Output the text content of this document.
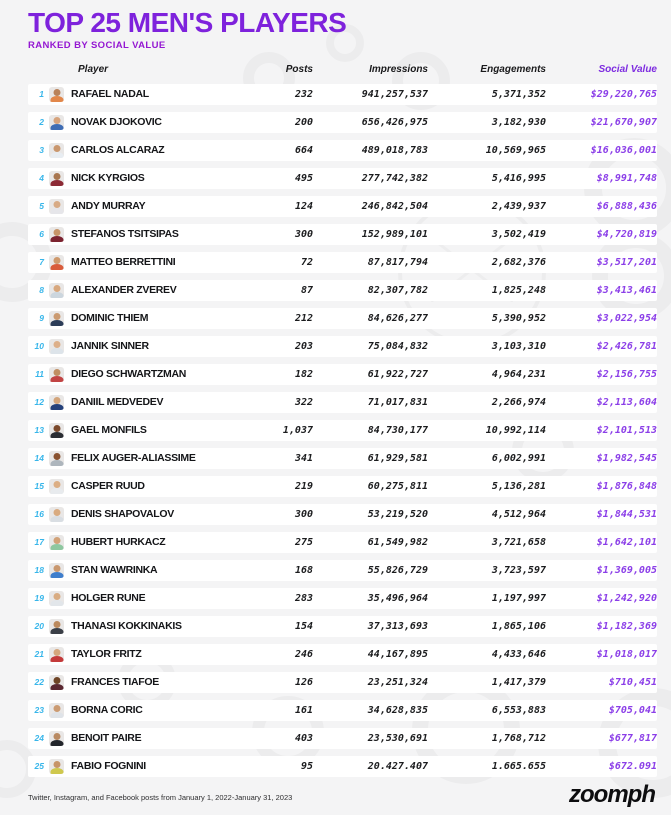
TOP 25 MEN'S PLAYERS
RANKED BY SOCIAL VALUE
Player	Posts	Impressions	Engagements	Social Value
1	RAFAEL NADAL	232	941,257,537	5,371,352	$29,220,765
2	NOVAK DJOKOVIC	200	656,426,975	3,182,930	$21,670,907
3	CARLOS ALCARAZ	664	489,018,783	10,569,965	$16,036,001
4	NICK KYRGIOS	495	277,742,382	5,416,995	$8,991,748
5	ANDY MURRAY	124	246,842,504	2,439,937	$6,888,436
6	STEFANOS TSITSIPAS	300	152,989,101	3,502,419	$4,720,819
7	MATTEO BERRETTINI	72	87,817,794	2,682,376	$3,517,201
8	ALEXANDER ZVEREV	87	82,307,782	1,825,248	$3,413,461
9	DOMINIC THIEM	212	84,626,277	5,390,952	$3,022,954
10	JANNIK SINNER	203	75,084,832	3,103,310	$2,426,781
11	DIEGO SCHWARTZMAN	182	61,922,727	4,964,231	$2,156,755
12	DANIIL MEDVEDEV	322	71,017,831	2,266,974	$2,113,604
13	GAEL MONFILS	1,037	84,730,177	10,992,114	$2,101,513
14	FELIX AUGER-ALIASSIME	341	61,929,581	6,002,991	$1,982,545
15	CASPER RUUD	219	60,275,811	5,136,281	$1,876,848
16	DENIS SHAPOVALOV	300	53,219,520	4,512,964	$1,844,531
17	HUBERT HURKACZ	275	61,549,982	3,721,658	$1,642,101
18	STAN WAWRINKA	168	55,826,729	3,723,597	$1,369,005
19	HOLGER RUNE	283	35,496,964	1,197,997	$1,242,920
20	THANASI KOKKINAKIS	154	37,313,693	1,865,106	$1,182,369
21	TAYLOR FRITZ	246	44,167,895	4,433,646	$1,018,017
22	FRANCES TIAFOE	126	23,251,324	1,417,379	$710,451
23	BORNA CORIC	161	34,628,835	6,553,883	$705,041
24	BENOIT PAIRE	403	23,530,691	1,768,712	$677,817
25	FABIO FOGNINI	95	20.427.407	1.665.655	$672.091
Twitter, Instagram, and Facebook posts from January 1, 2022-January 31, 2023	zoomph
